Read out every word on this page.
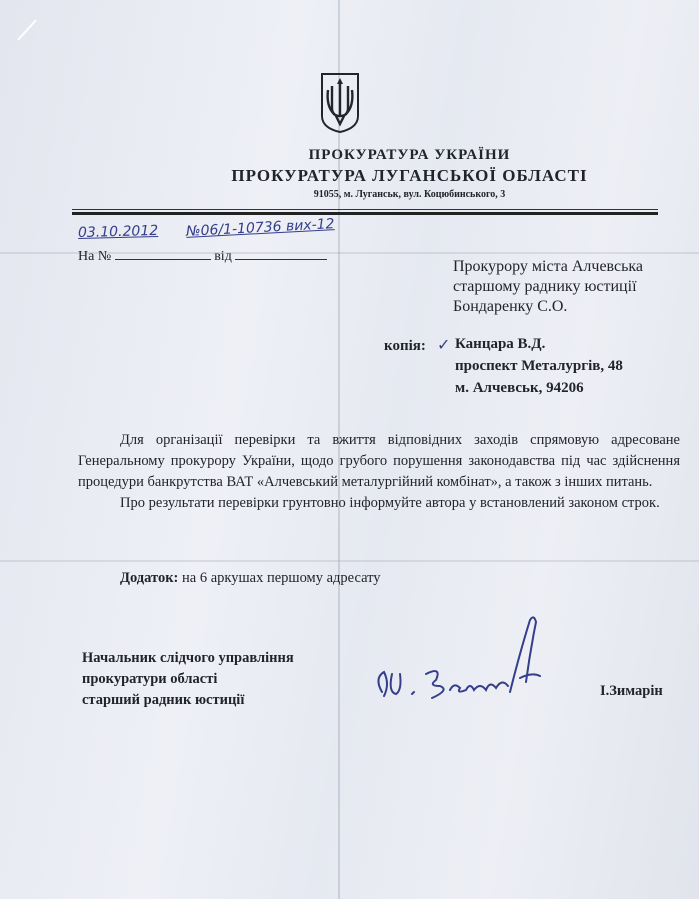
ПРОКУРАТУРА УКРАЇНИ
ПРОКУРАТУРА ЛУГАНСЬКОЇ ОБЛАСТІ
91055, м. Луганськ, вул. Коцюбинського, 3
03.10.2012 №06/1-10736 вих-12
На №	від
Прокурору міста Алчевська
старшому раднику юстиції
Бондаренку С.О.
копія: ✓ Канцара В.Д.
проспект Металургів, 48
м. Алчевськ, 94206

Для організації перевірки та вжиття відповідних заходів спрямовую адресоване Генеральному прокурору України, щодо грубого порушення законодавства під час здійснення процедури банкрутства ВАТ «Алчевський металургійний комбінат», а також з інших питань.

Про результати перевірки грунтовно інформуйте автора у встановлений законом строк.

Додаток: на 6 аркушах першому адресату
Начальник слідчого управління
прокуратури області
старший радник юстиції
І.Зимарін
